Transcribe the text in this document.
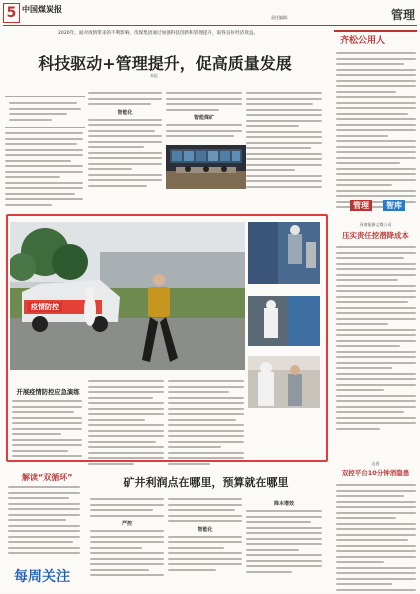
5 中国煤炭报
责任编辑：	管理
2020年，面对疫情带来的不利影响，伐煤集团通过加强科技创新和管理提升，取得良好经济效益。
科技驱动+管理提升，促高质量发展
本报
智能化
智能煤矿
疫情防控
开展疫情防控应急演练
齐松公用人
管理	智库
河南能源义煤公司
压实责任挖潜降成本
山西
双控平台10分钟消隐患
解读“双循环”
每周关注
矿井利润点在哪里，预算就在哪里
严控
智能化
降本增效
